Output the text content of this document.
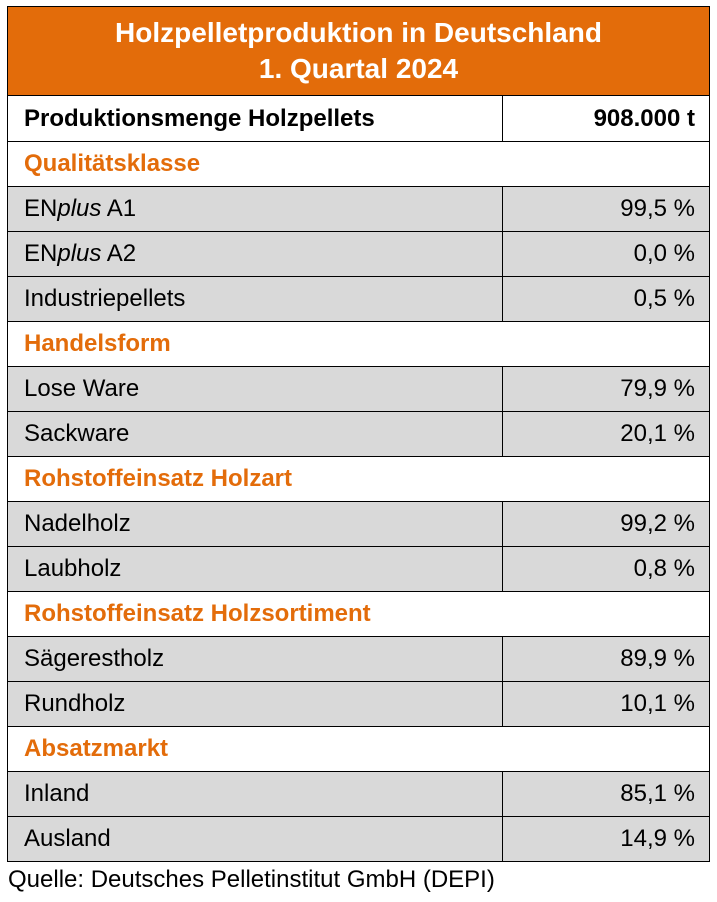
Holzpelletproduktion in Deutschland
1. Quartal 2024	

Produktionsmenge Holzpellets	908.000 t
Qualitätsklasse	
ENplus A1	99,5 %
ENplus A2	0,0 %
Industriepellets	0,5 %
Handelsform	
Lose Ware	79,9 %
Sackware	20,1 %
Rohstoffeinsatz Holzart	
Nadelholz	99,2 %
Laubholz	0,8 %
Rohstoffeinsatz Holzsortiment	
Sägerestholz	89,9 %
Rundholz	10,1 %
Absatzmarkt	
Inland	85,1 %
Ausland	14,9 %
Quelle: Deutsches Pelletinstitut GmbH (DEPI)
